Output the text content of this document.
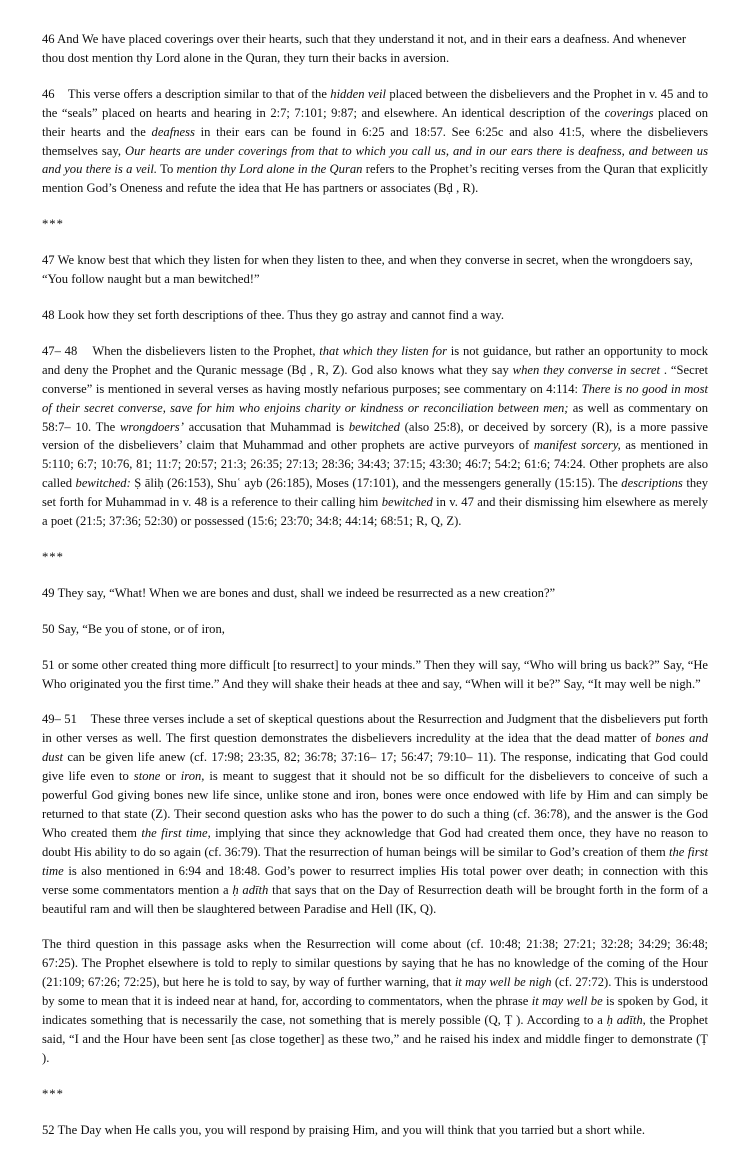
46 And We have placed coverings over their hearts, such that they understand it not, and in their ears a deafness. And whenever thou dost mention thy Lord alone in the Quran, they turn their backs in aversion.

46 This verse offers a description similar to that of the hidden veil placed between the disbelievers and the Prophet in v. 45 and to the “seals” placed on hearts and hearing in 2:7; 7:101; 9:87; and elsewhere. An identical description of the coverings placed on their hearts and the deafness in their ears can be found in 6:25 and 18:57. See 6:25c and also 41:5, where the disbelievers themselves say, Our hearts are under coverings from that to which you call us, and in our ears there is deafness, and between us and you there is a veil. To mention thy Lord alone in the Quran refers to the Prophet’s reciting verses from the Quran that explicitly mention God’s Oneness and refute the idea that He has partners or associates (Bḍ , R).

***

47 We know best that which they listen for when they listen to thee, and when they converse in secret, when the wrongdoers say, “You follow naught but a man bewitched!”

48 Look how they set forth descriptions of thee. Thus they go astray and cannot find a way.

47– 48 When the disbelievers listen to the Prophet, that which they listen for is not guidance, but rather an opportunity to mock and deny the Prophet and the Quranic message (Bḍ , R, Z). God also knows what they say when they converse in secret . “Secret converse” is mentioned in several verses as having mostly nefarious purposes; see commentary on 4:114: There is no good in most of their secret converse, save for him who enjoins charity or kindness or reconciliation between men; as well as commentary on 58:7– 10. The wrongdoers’ accusation that Muhammad is bewitched (also 25:8), or deceived by sorcery (R), is a more passive version of the disbelievers’ claim that Muhammad and other prophets are active purveyors of manifest sorcery, as mentioned in 5:110; 6:7; 10:76, 81; 11:7; 20:57; 21:3; 26:35; 27:13; 28:36; 34:43; 37:15; 43:30; 46:7; 54:2; 61:6; 74:24. Other prophets are also called bewitched: Ṣ āliḥ (26:153), Shuʿ ayb (26:185), Moses (17:101), and the messengers generally (15:15). The descriptions they set forth for Muhammad in v. 48 is a reference to their calling him bewitched in v. 47 and their dismissing him elsewhere as merely a poet (21:5; 37:36; 52:30) or possessed (15:6; 23:70; 34:8; 44:14; 68:51; R, Q, Z).

***

49 They say, “What! When we are bones and dust, shall we indeed be resurrected as a new creation?”

50 Say, “Be you of stone, or of iron,

51 or some other created thing more difficult [to resurrect] to your minds.” Then they will say, “Who will bring us back?” Say, “He Who originated you the first time.” And they will shake their heads at thee and say, “When will it be?” Say, “It may well be nigh.”

49– 51 These three verses include a set of skeptical questions about the Resurrection and Judgment that the disbelievers put forth in other verses as well. The first question demonstrates the disbelievers incredulity at the idea that the dead matter of bones and dust can be given life anew (cf. 17:98; 23:35, 82; 36:78; 37:16– 17; 56:47; 79:10– 11). The response, indicating that God could give life even to stone or iron, is meant to suggest that it should not be so difficult for the disbelievers to conceive of such a powerful God giving bones new life since, unlike stone and iron, bones were once endowed with life by Him and can simply be returned to that state (Z). Their second question asks who has the power to do such a thing (cf. 36:78), and the answer is the God Who created them the first time, implying that since they acknowledge that God had created them once, they have no reason to doubt His ability to do so again (cf. 36:79). That the resurrection of human beings will be similar to God’s creation of them the first time is also mentioned in 6:94 and 18:48. God’s power to resurrect implies His total power over death; in connection with this verse some commentators mention a ḥ adīth that says that on the Day of Resurrection death will be brought forth in the form of a beautiful ram and will then be slaughtered between Paradise and Hell (IK, Q).

The third question in this passage asks when the Resurrection will come about (cf. 10:48; 21:38; 27:21; 32:28; 34:29; 36:48; 67:25). The Prophet elsewhere is told to reply to similar questions by saying that he has no knowledge of the coming of the Hour (21:109; 67:26; 72:25), but here he is told to say, by way of further warning, that it may well be nigh (cf. 27:72). This is understood by some to mean that it is indeed near at hand, for, according to commentators, when the phrase it may well be is spoken by God, it indicates something that is necessarily the case, not something that is merely possible (Q, Ṭ ). According to a ḥ adīth, the Prophet said, “I and the Hour have been sent [as close together] as these two,” and he raised his index and middle finger to demonstrate (Ṭ ).

***

52 The Day when He calls you, you will respond by praising Him, and you will think that you tarried but a short while.
